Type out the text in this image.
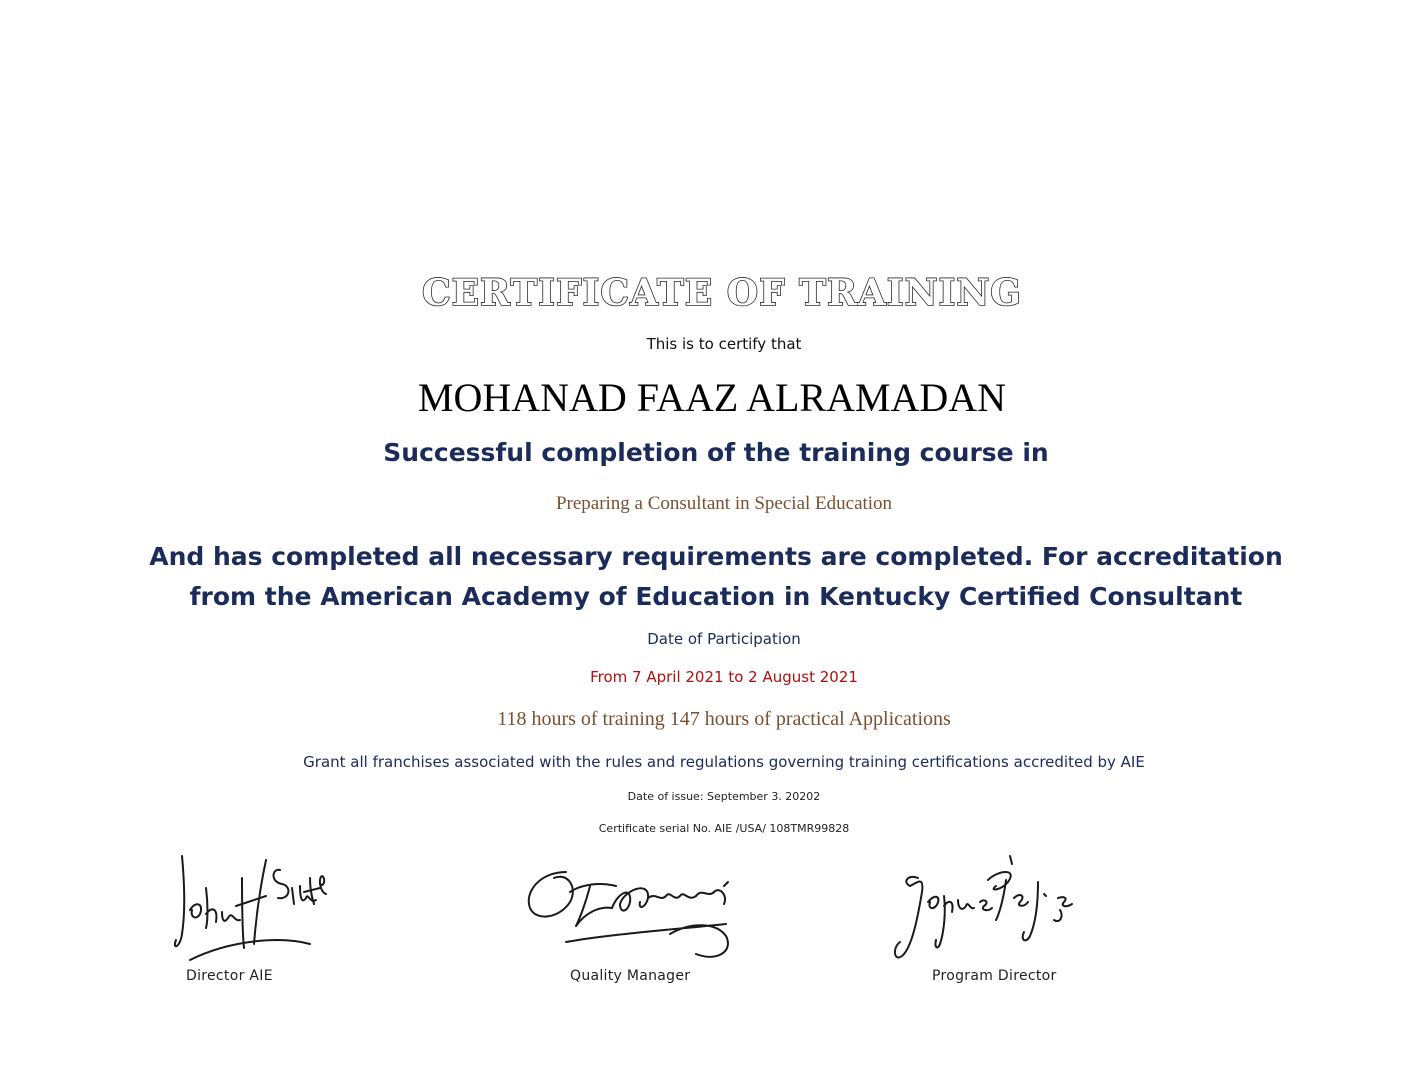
CERTIFICATE OF TRAINING
This is to certify that
MOHANAD FAAZ ALRAMADAN
Successful completion of the training course in
Preparing a Consultant in Special Education
And has completed all necessary requirements are completed. For accreditation
from the American Academy of Education in Kentucky Certified Consultant
Date of Participation
From 7 April 2021 to 2 August 2021
118 hours of training 147 hours of practical Applications
Grant all franchises associated with the rules and regulations governing training certifications accredited by AIE
Date of issue: September 3. 20202
Certificate serial No. AIE /USA/ 108TMR99828
Director AIE	Quality Manager	Program Director
